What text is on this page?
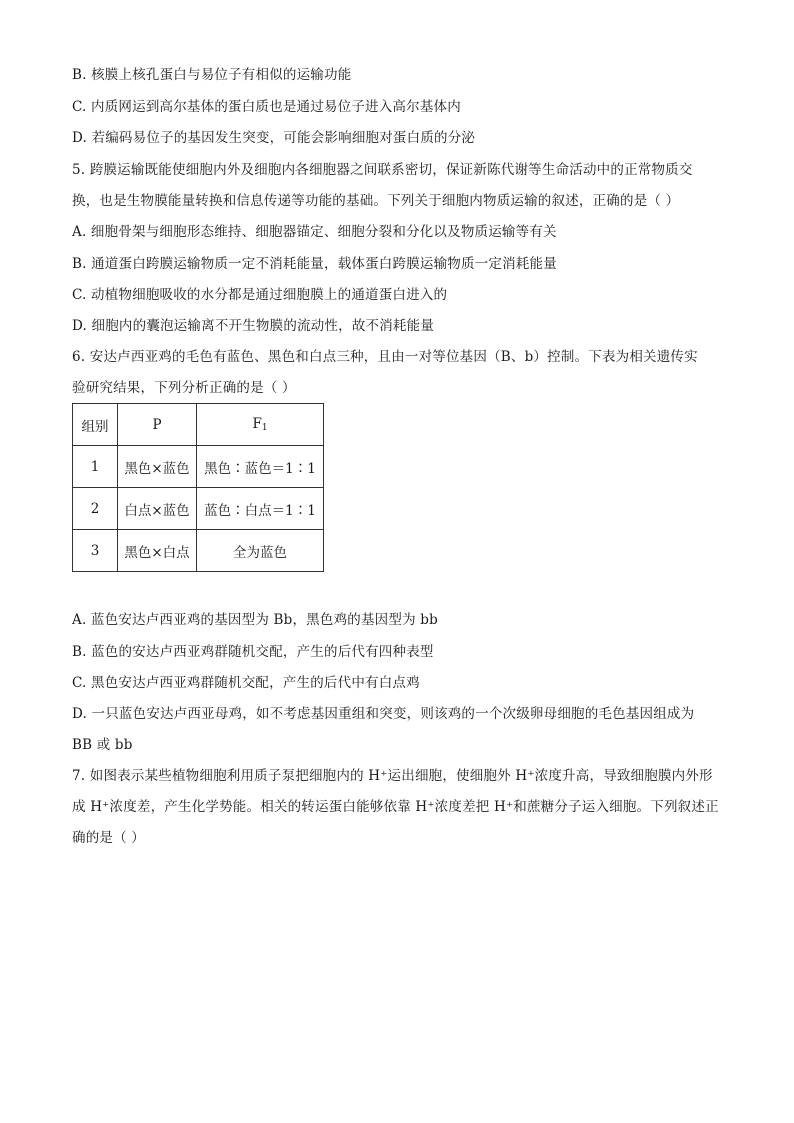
B. 核膜上核孔蛋白与易位子有相似的运输功能
C. 内质网运到高尔基体的蛋白质也是通过易位子进入高尔基体内
D. 若编码易位子的基因发生突变，可能会影响细胞对蛋白质的分泌
5. 跨膜运输既能使细胞内外及细胞内各细胞器之间联系密切，保证新陈代谢等生命活动中的正常物质交
换，也是生物膜能量转换和信息传递等功能的基础。下列关于细胞内物质运输的叙述，正确的是（ ）
A. 细胞骨架与细胞形态维持、细胞器锚定、细胞分裂和分化以及物质运输等有关
B. 通道蛋白跨膜运输物质一定不消耗能量，载体蛋白跨膜运输物质一定消耗能量
C. 动植物细胞吸收的水分都是通过细胞膜上的通道蛋白进入的
D. 细胞内的囊泡运输离不开生物膜的流动性，故不消耗能量
6. 安达卢西亚鸡的毛色有蓝色、黑色和白点三种，且由一对等位基因（B、b）控制。下表为相关遗传实
验研究结果，下列分析正确的是（ ）
组别	P	$F_1$
1	黑色×蓝色	黑色∶蓝色＝1∶1
2	白点×蓝色	蓝色∶白点＝1∶1
3	黑色×白点	全为蓝色
A. 蓝色安达卢西亚鸡的基因型为 Bb，黑色鸡的基因型为 bb
B. 蓝色的安达卢西亚鸡群随机交配，产生的后代有四种表型
C. 黑色安达卢西亚鸡群随机交配，产生的后代中有白点鸡
D. 一只蓝色安达卢西亚母鸡，如不考虑基因重组和突变，则该鸡的一个次级卵母细胞的毛色基因组成为
BB 或 bb
7. 如图表示某些植物细胞利用质子泵把细胞内的 H⁺运出细胞，使细胞外 H⁺浓度升高，导致细胞膜内外形
成 H⁺浓度差，产生化学势能。相关的转运蛋白能够依靠 H⁺浓度差把 H⁺和蔗糖分子运入细胞。下列叙述正
确的是（ ）
